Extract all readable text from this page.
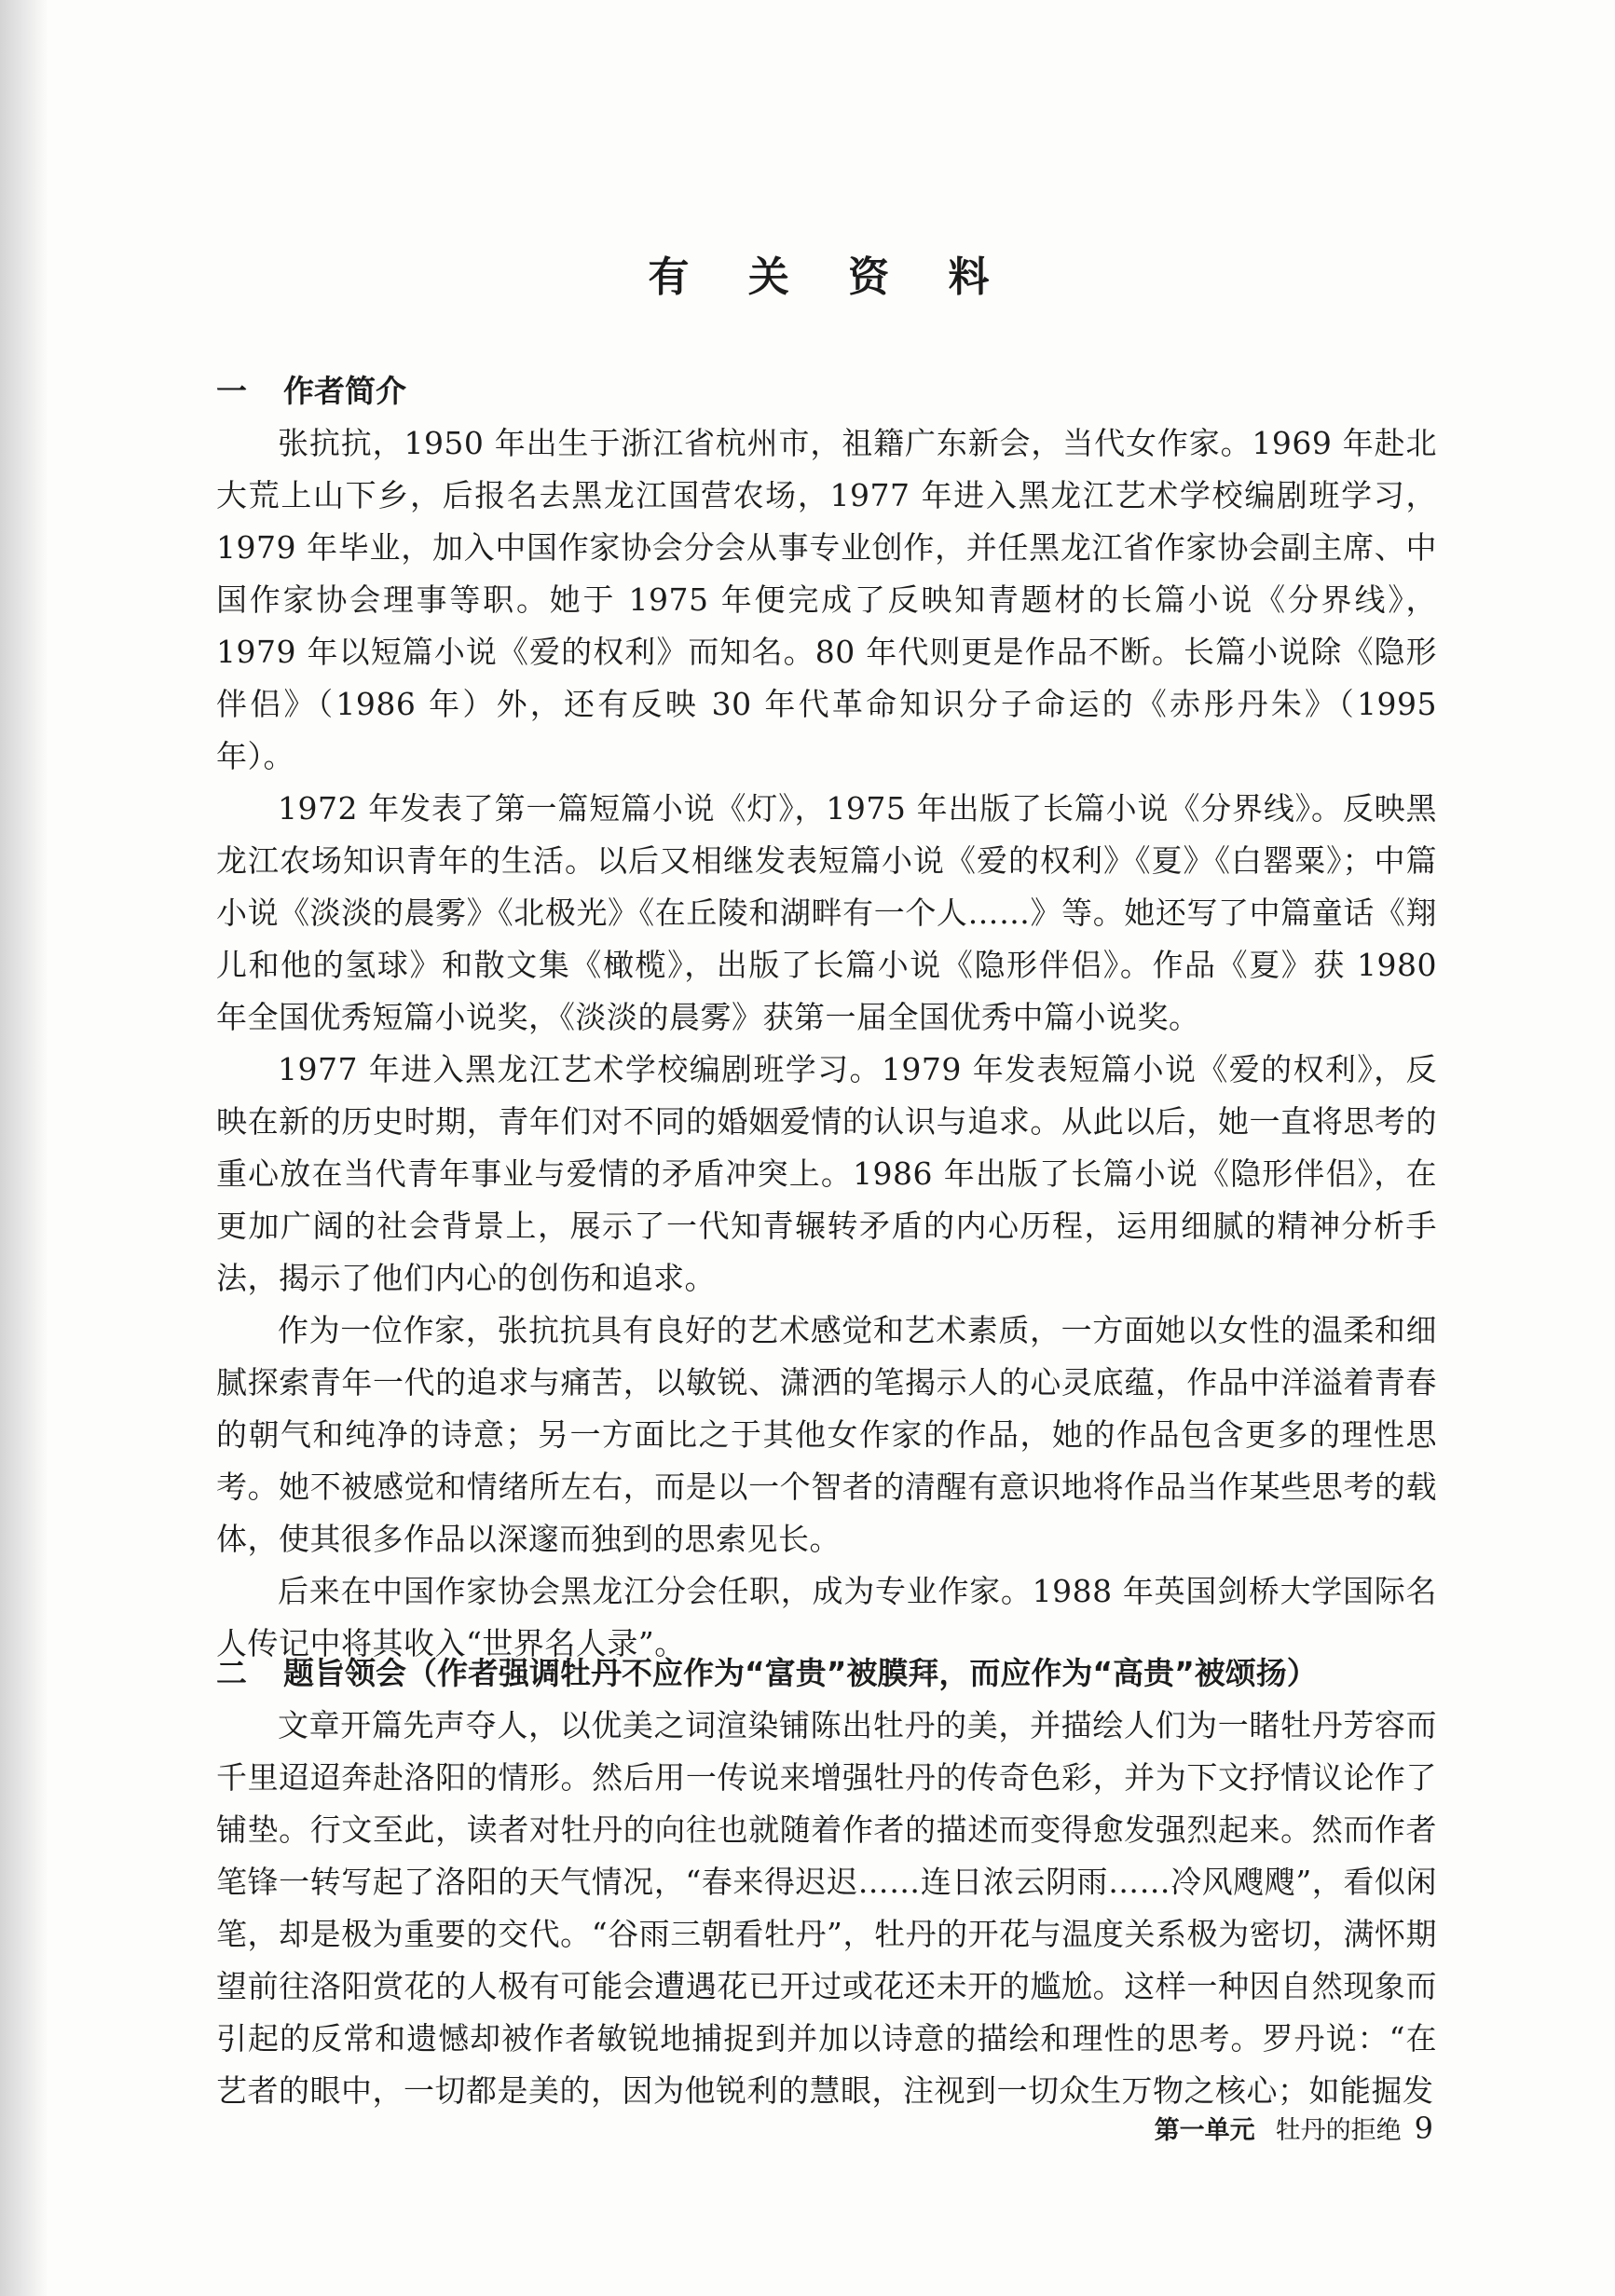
有 关 资 料
一 作者简介

张抗抗，1950 年出生于浙江省杭州市，祖籍广东新会，当代女作家。1969 年赴北大荒上山下乡，后报名去黑龙江国营农场，1977 年进入黑龙江艺术学校编剧班学习，1979 年毕业，加入中国作家协会分会从事专业创作，并任黑龙江省作家协会副主席、中国作家协会理事等职。她于 1975 年便完成了反映知青题材的长篇小说《分界线》，1979 年以短篇小说《爱的权利》而知名。80 年代则更是作品不断。长篇小说除《隐形伴侣》（1986 年）外，还有反映 30 年代革命知识分子命运的《赤彤丹朱》（1995 年）。

1972 年发表了第一篇短篇小说《灯》，1975 年出版了长篇小说《分界线》。反映黑龙江农场知识青年的生活。以后又相继发表短篇小说《爱的权利》《夏》《白罂粟》；中篇小说《淡淡的晨雾》《北极光》《在丘陵和湖畔有一个人……》等。她还写了中篇童话《翔儿和他的氢球》和散文集《橄榄》，出版了长篇小说《隐形伴侣》。作品《夏》获 1980 年全国优秀短篇小说奖，《淡淡的晨雾》获第一届全国优秀中篇小说奖。

1977 年进入黑龙江艺术学校编剧班学习。1979 年发表短篇小说《爱的权利》，反映在新的历史时期，青年们对不同的婚姻爱情的认识与追求。从此以后，她一直将思考的重心放在当代青年事业与爱情的矛盾冲突上。1986 年出版了长篇小说《隐形伴侣》，在更加广阔的社会背景上，展示了一代知青辗转矛盾的内心历程，运用细腻的精神分析手法，揭示了他们内心的创伤和追求。

作为一位作家，张抗抗具有良好的艺术感觉和艺术素质，一方面她以女性的温柔和细腻探索青年一代的追求与痛苦，以敏锐、潇洒的笔揭示人的心灵底蕴，作品中洋溢着青春的朝气和纯净的诗意；另一方面比之于其他女作家的作品，她的作品包含更多的理性思考。她不被感觉和情绪所左右，而是以一个智者的清醒有意识地将作品当作某些思考的载体，使其很多作品以深邃而独到的思索见长。

后来在中国作家协会黑龙江分会任职，成为专业作家。1988 年英国剑桥大学国际名人传记中将其收入“世界名人录”。

二 题旨领会（作者强调牡丹不应作为“富贵”被膜拜，而应作为“高贵”被颂扬）

文章开篇先声夺人，以优美之词渲染铺陈出牡丹的美，并描绘人们为一睹牡丹芳容而千里迢迢奔赴洛阳的情形。然后用一传说来增强牡丹的传奇色彩，并为下文抒情议论作了铺垫。行文至此，读者对牡丹的向往也就随着作者的描述而变得愈发强烈起来。然而作者笔锋一转写起了洛阳的天气情况，“春来得迟迟……连日浓云阴雨……冷风飕飕”，看似闲笔，却是极为重要的交代。“谷雨三朝看牡丹”，牡丹的开花与温度关系极为密切，满怀期望前往洛阳赏花的人极有可能会遭遇花已开过或花还未开的尴尬。这样一种因自然现象而引起的反常和遗憾却被作者敏锐地捕捉到并加以诗意的描绘和理性的思考。罗丹说：“在艺者的眼中，一切都是美的，因为他锐利的慧眼，注视到一切众生万物之核心；如能掘发

第一单元 牡丹的拒绝 9
